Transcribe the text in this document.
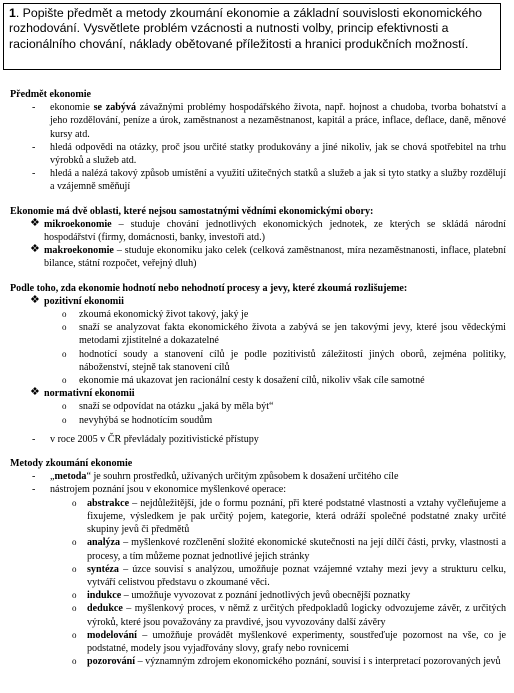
1. Popište předmět a metody zkoumání ekonomie a základní souvislosti ekonomického rozhodování. Vysvětlete problém vzácnosti a nutnosti volby, princip efektivnosti a racionálního chování, náklady obětované příležitosti a hranici produkčních možností.

Předmět ekonomie

-	ekonomie se zabývá závažnými problémy hospodářského života, např. hojnost a chudoba, tvorba bohatství a jeho rozdělování, peníze a úrok, zaměstnanost a nezaměstnanost, kapitál a práce, inflace, deflace, daně, měnové kursy atd.
-	hledá odpovědi na otázky, proč jsou určité statky produkovány a jiné nikoliv, jak se chová spotřebitel na trhu výrobků a služeb atd.
-	hledá a nalézá takový způsob umístění a využití užitečných statků a služeb a jak si tyto statky a služby rozdělují a vzájemně směňují

Ekonomie má dvě oblasti, které nejsou samostatnými vědními ekonomickými obory:

❖ mikroekonomie – studuje chování jednotlivých ekonomických jednotek, ze kterých se skládá národní hospodářství (firmy, domácnosti, banky, investoři atd.)
❖ makroekonomie – studuje ekonomiku jako celek (celková zaměstnanost, míra nezaměstnanosti, inflace, platební bilance, státní rozpočet, veřejný dluh)

Podle toho, zda ekonomie hodnotí nebo nehodnotí procesy a jevy, které zkoumá rozlišujeme:

❖ pozitivní ekonomii
o	zkoumá ekonomický život takový, jaký je
o	snaží se analyzovat fakta ekonomického života a zabývá se jen takovými jevy, které jsou vědeckými metodami zjistitelné a dokazatelné
o	hodnotící soudy a stanovení cílů je podle pozitivistů záležitostí jiných oborů, zejména politiky, náboženství, stejně tak stanovení cílů
o	ekonomie má ukazovat jen racionální cesty k dosažení cílů, nikoliv však cíle samotné
❖ normativní ekonomii
o	snaží se odpovídat na otázku „jaká by měla být“
o	nevyhýbá se hodnotícím soudům
-	v roce 2005 v ČR převládaly pozitivistické přístupy

Metody zkoumání ekonomie

-	„metoda“ je souhrn prostředků, užívaných určitým způsobem k dosažení určitého cíle
-	nástrojem poznání jsou v ekonomice myšlenkové operace:
o	abstrakce – nejdůležitější, jde o formu poznání, při které podstatné vlastnosti a vztahy vyčleňujeme a fixujeme, výsledkem je pak určitý pojem, kategorie, která odráží společné podstatné znaky určité skupiny jevů či předmětů
o	analýza – myšlenkové rozčlenění složité ekonomické skutečnosti na její dílčí části, prvky, vlastnosti a procesy, a tím můžeme poznat jednotlivé jejich stránky
o	syntéza – úzce souvisí s analýzou, umožňuje poznat vzájemné vztahy mezi jevy a strukturu celku, vytváří celistvou představu o zkoumané věci.
o	indukce – umožňuje vyvozovat z poznání jednotlivých jevů obecnější poznatky
o	dedukce – myšlenkový proces, v němž z určitých předpokladů logicky odvozujeme závěr, z určitých výroků, které jsou považovány za pravdivé, jsou vyvozovány další závěry
o	modelování – umožňuje provádět myšlenkové experimenty, soustřeďuje pozornost na vše, co je podstatné, modely jsou vyjadřovány slovy, grafy nebo rovnicemi
o	pozorování – významným zdrojem ekonomického poznání, souvisí i s interpretací pozorovaných jevů
